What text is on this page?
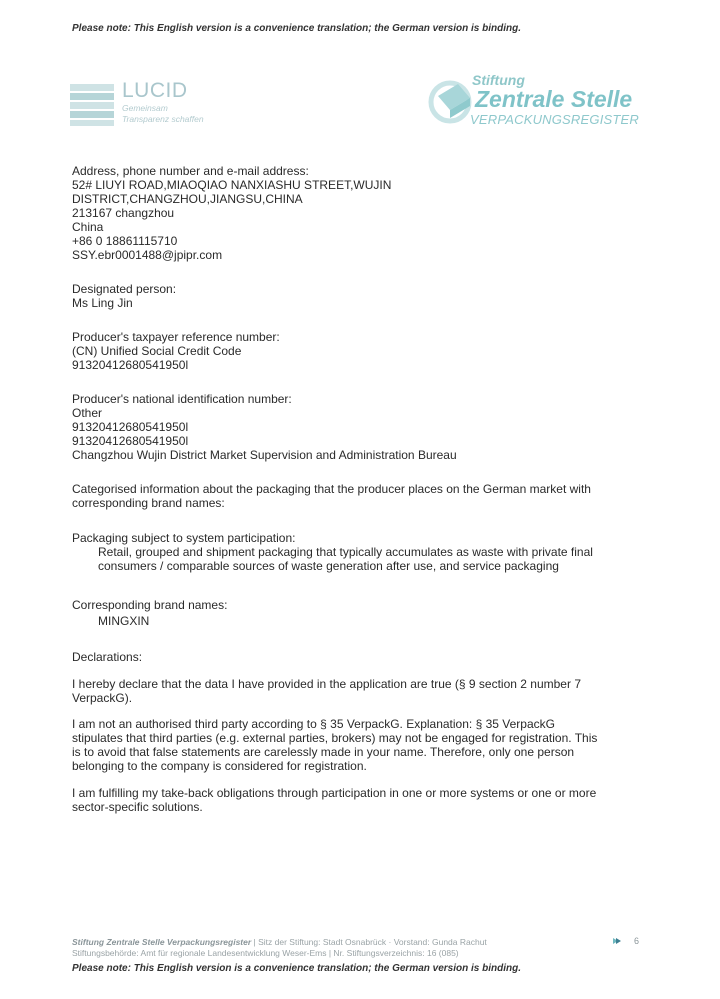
Please note: This English version is a convenience translation; the German version is binding.
LUCID
Gemeinsam
Transparenz schaffen
Stiftung
Zentrale Stelle
VERPACKUNGSREGISTER
Address, phone number and e-mail address:
52# LIUYI ROAD,MIAOQIAO NANXIASHU STREET,WUJIN
DISTRICT,CHANGZHOU,JIANGSU,CHINA
213167 changzhou
China
+86 0 18861115710
SSY.ebr0001488@jpipr.com
Designated person:
Ms Ling Jin
Producer's taxpayer reference number:
(CN) Unified Social Credit Code
91320412680541950l
Producer's national identification number:
Other
91320412680541950l
91320412680541950l
Changzhou Wujin District Market Supervision and Administration Bureau
Categorised information about the packaging that the producer places on the German market with
corresponding brand names:
Packaging subject to system participation:
Retail, grouped and shipment packaging that typically accumulates as waste with private final
consumers / comparable sources of waste generation after use, and service packaging
Corresponding brand names:
MINGXIN
Declarations:
I hereby declare that the data I have provided in the application are true (§ 9 section 2 number 7
VerpackG).
I am not an authorised third party according to § 35 VerpackG. Explanation: § 35 VerpackG
stipulates that third parties (e.g. external parties, brokers) may not be engaged for registration. This
is to avoid that false statements are carelessly made in your name. Therefore, only one person
belonging to the company is considered for registration.
I am fulfilling my take-back obligations through participation in one or more systems or one or more
sector-specific solutions.
Stiftung Zentrale Stelle Verpackungsregister | Sitz der Stiftung: Stadt Osnabrück · Vorstand: Gunda Rachut
Stiftungsbehörde: Amt für regionale Landesentwicklung Weser-Ems | Nr. Stiftungsverzeichnis: 16 (085)
6
Please note: This English version is a convenience translation; the German version is binding.
